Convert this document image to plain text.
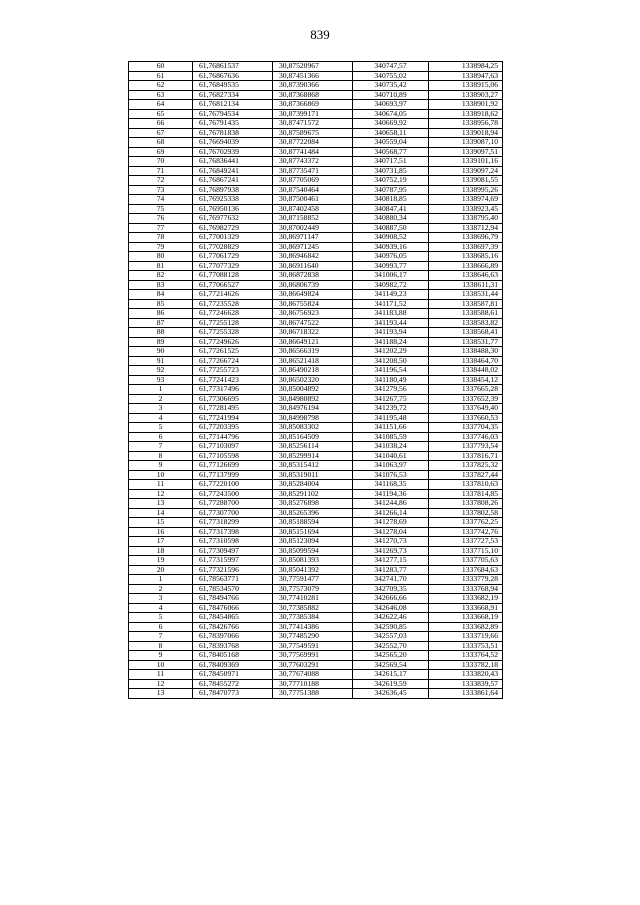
839
60	61,76861537	30,87520967	340747,57	1338984,25
61	61,76867636	30,87451366	340755,02	1338947,63
62	61,76849535	30,87390366	340735,42	1338915,06
63	61,76827334	30,87368868	340710,89	1338903,27
64	61,76812134	30,87366869	340693,97	1338901,92
65	61,76794534	30,87399171	340674,05	1338918,62
66	61,76791435	30,87471572	340669,92	1338956,78
67	61,76781838	30,87589675	340658,11	1339018,94
68	61,76694039	30,87722084	340559,04	1339087,10
69	61,76702939	30,87741484	340568,77	1339097,51
70	61,76836441	30,87743372	340717,51	1339101,16
71	61,76849241	30,87735471	340731,85	1339097,24
72	61,76867241	30,87705069	340752,19	1339081,55
73	61,76897938	30,87540464	340787,95	1338995,26
74	61,76925338	30,87500461	340818,85	1338974,69
75	61,76950136	30,87402458	340847,41	1338923,45
76	61,76977632	30,87158852	340880,34	1338795,40
77	61,76982729	30,87002449	340887,50	1338712,94
78	61,77001329	30,86971147	340908,52	1338696,79
79	61,77028829	30,86971245	340939,16	1338697,39
80	61,77061729	30,86946842	340976,05	1338685,16
81	61,77077329	30,86911640	340993,77	1338666,89
82	61,77088128	30,86872838	341006,17	1338646,63
83	61,77066527	30,86806739	340982,72	1338611,31
84	61,77214626	30,86649824	341149,23	1338531,44
85	61,77235528	30,86755824	341171,52	1338587,81
86	61,77246628	30,86756923	341183,88	1338588,61
87	61,77255128	30,86747522	341193,44	1338583,82
88	61,77255328	30,86718322	341193,94	1338568,41
89	61,77249626	30,86649121	341188,24	1338531,77
90	61,77261525	30,86566319	341202,29	1338488,30
91	61,77266724	30,86521418	341208,50	1338464,70
92	61,77255723	30,86490218	341196,54	1338448,02
93	61,77241423	30,86502320	341180,49	1338454,12
1	61,77317496	30,85004892	341279,56	1337665,28
2	61,77306695	30,84980892	341267,75	1337652,39
3	61,77281495	30,84976194	341239,72	1337649,40
4	61,77241994	30,84998798	341195,48	1337660,53
5	61,77203395	30,85083302	341151,66	1337704,35
6	61,77144796	30,85164509	341085,59	1337746,03
7	61,77103097	30,85256114	341038,24	1337793,54
8	61,77105598	30,85299914	341040,61	1337816,71
9	61,77126699	30,85315412	341063,97	1337825,32
10	61,77137999	30,85319011	341076,53	1337827,44
11	61,77220100	30,85284004	341168,35	1337810,63
12	61,77243500	30,85291102	341194,36	1337814,85
13	61,77288700	30,85276898	341244,86	1337808,26
14	61,77307700	30,85265396	341266,14	1337802,58
15	61,77318299	30,85188594	341278,69	1337762,25
16	61,77317398	30,85151694	341278,04	1337742,76
17	61,77310598	30,85123094	341270,73	1337727,53
18	61,77309497	30,85099594	341269,73	1337715,10
19	61,77315997	30,85081393	341277,15	1337705,63
20	61,77321596	30,85041392	341283,77	1337684,63
1	61,78563771	30,77591477	342741,70	1333779,28
2	61,78534570	30,77573079	342709,35	1333768,94
3	61,78494766	30,77410281	342666,66	1333682,19
4	61,78476066	30,77385882	342646,08	1333668,91
5	61,78454865	30,77385384	342622,46	1333668,19
6	61,78426766	30,77414386	342590,85	1333682,89
7	61,78397066	30,77485290	342557,03	1333719,66
8	61,78393768	30,77549591	342552,70	1333753,51
9	61,78405168	30,77569991	342565,20	1333764,52
10	61,78409369	30,77603291	342569,54	1333782,18
11	61,78450971	30,77674088	342615,17	1333820,43
12	61,78455272	30,77710188	342619,59	1333839,57
13	61,78470773	30,77751388	342636,45	1333861,64
